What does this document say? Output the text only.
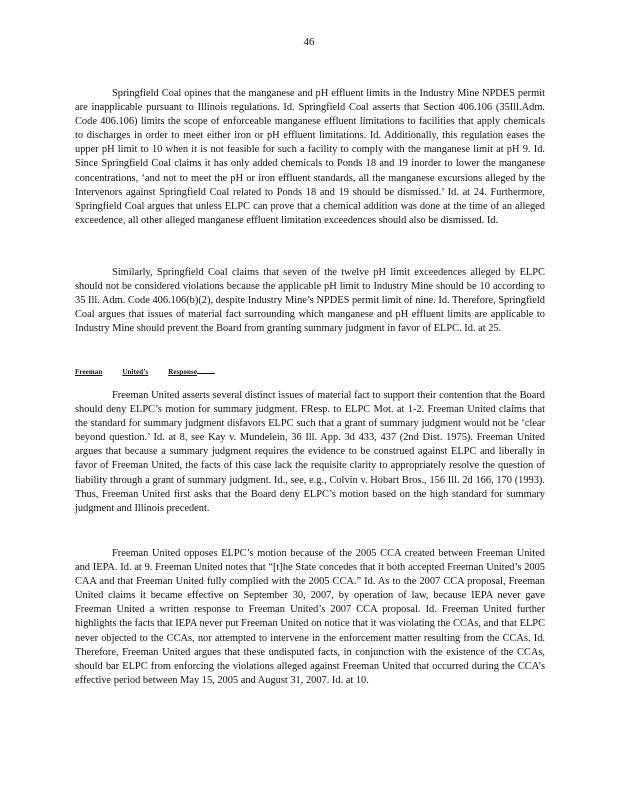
46

Springfield Coal opines that the manganese and pH effluent limits in the Industry Mine NPDES permit are inapplicable pursuant to Illinois regulations. Id. Springfield Coal asserts that Section 406.106 (35Ill.Adm. Code 406.106) limits the scope of enforceable manganese effluent limitations to facilities that apply chemicals to discharges in order to meet either iron or pH effluent limitations. Id. Additionally, this regulation eases the upper pH limit to 10 when it is not feasible for such a facility to comply with the manganese limit at pH 9. Id. Since Springfield Coal claims it has only added chemicals to Ponds 18 and 19 inorder to lower the manganese concentrations, ‘and not to meet the pH or iron effluent standards, all the manganese excursions alleged by the Intervenors against Springfield Coal related to Ponds 18 and 19 should be dismissed.’ Id. at 24. Furthermore, Springfield Coal argues that unless ELPC can prove that a chemical addition was done at the time of an alleged exceedence, all other alleged manganese effluent limitation exceedences should also be dismissed. Id.

Similarly, Springfield Coal claims that seven of the twelve pH limit exceedences alleged by ELPC should not be considered violations because the applicable pH limit to Industry Mine should be 10 according to 35 Ill. Adm. Code 406.106(b)(2), despite Industry Mine’s NPDES permit limit of nine. Id. Therefore, Springfield Coal argues that issues of material fact surrounding which manganese and pH effluent limits are applicable to Industry Mine should prevent the Board from granting summary judgment in favor of ELPC. Id. at 25.

Freeman	United’s	Response

Freeman United asserts several distinct issues of material fact to support their contention that the Board should deny ELPC’s motion for summary judgment. FResp. to ELPC Mot. at 1-2. Freeman United claims that the standard for summary judgment disfavors ELPC such that a grant of summary judgment would not be ‘clear beyond question.’ Id. at 8, see Kay v. Mundelein, 36 Ill. App. 3d 433, 437 (2nd Dist. 1975). Freeman United argues that because a summary judgment requires the evidence to be construed against ELPC and liberally in favor of Freeman United, the facts of this case lack the requisite clarity to appropriately resolve the question of liability through a grant of summary judgment. Id., see, e.g., Colvin v. Hobart Bros., 156 Ill. 2d 166, 170 (1993). Thus, Freeman United first asks that the Board deny ELPC’s motion based on the high standard for summary judgment and Illinois precedent.

Freeman United opposes ELPC’s motion because of the 2005 CCA created between Freeman United and IEPA. Id. at 9. Freeman United notes that “[t]he State concedes that it both accepted Freeman United’s 2005 CAA and that Freeman United fully complied with the 2005 CCA.” Id. As to the 2007 CCA proposal, Freeman United claims it became effective on September 30, 2007, by operation of law, because IEPA never gave Freeman United a written response to Freeman United’s 2007 CCA proposal. Id. Freeman United further highlights the facts that IEPA never put Freeman United on notice that it was violating the CCAs, and that ELPC never objected to the CCAs, nor attempted to intervene in the enforcement matter resulting from the CCAs. Id. Therefore, Freeman United argues that these undisputed facts, in conjunction with the existence of the CCAs, should bar ELPC from enforcing the violations alleged against Freeman United that occurred during the CCA’s effective period between May 15, 2005 and August 31, 2007. Id. at 10.
